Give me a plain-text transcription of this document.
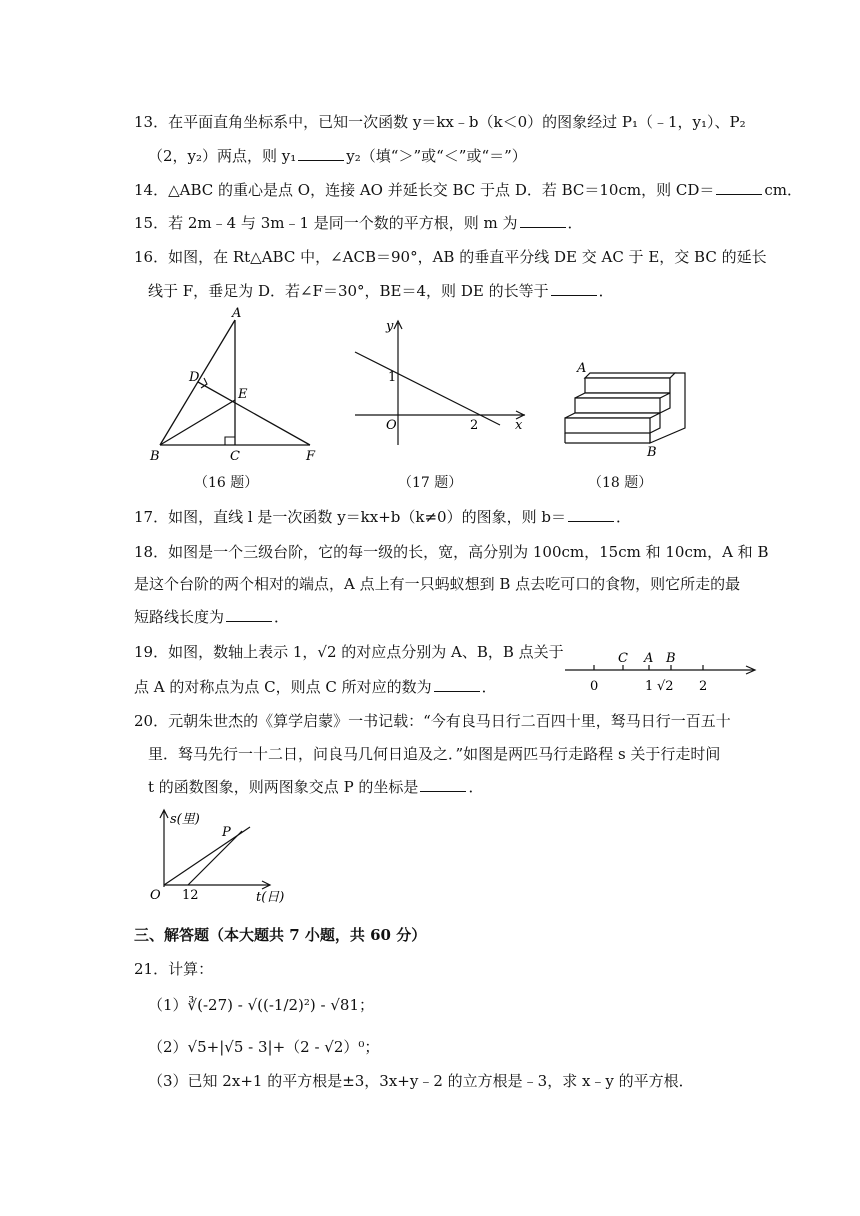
13．在平面直角坐标系中，已知一次函数 y＝kx﹣b（k＜0）的图象经过 P₁（﹣1，y₁）、P₂
（2，y₂）两点，则 y₁	y₂（填“＞”或“＜”或“＝”）
14．△ABC 的重心是点 O，连接 AO 并延长交 BC 于点 D．若 BC＝10cm，则 CD＝	cm．
15．若 2m﹣4 与 3m﹣1 是同一个数的平方根，则 m 为	．
16．如图，在 Rt△ABC 中，∠ACB＝90°，AB 的垂直平分线 DE 交 AC 于 E，交 BC 的延长
线于 F，垂足为 D．若∠F＝30°，BE＝4，则 DE 的长等于	．
A
D
E
B	C	F
（16 题）
y
x
O
1
2
（17 题）
A
B
（18 题）
17．如图，直线 l 是一次函数 y＝kx+b（k≠0）的图象，则 b＝	．
18．如图是一个三级台阶，它的每一级的长，宽，高分别为 100cm，15cm 和 10cm，A 和 B
是这个台阶的两个相对的端点，A 点上有一只蚂蚁想到 B 点去吃可口的食物，则它所走的最
短路线长度为	．
19．如图，数轴上表示 1，√2 的对应点分别为 A、B，B 点关于
点 A 的对称点为点 C，则点 C 所对应的数为	．
C A B
0	1 √2 2
20．元朝朱世杰的《算学启蒙》一书记载：“今有良马日行二百四十里，驽马日行一百五十
里．驽马先行一十二日，问良马几何日追及之．”如图是两匹马行走路程 s 关于行走时间
t 的函数图象，则两图象交点 P 的坐标是	．
s(里)
P
O 12	t(日)
三、解答题（本大题共 7 小题，共 60 分）
21．计算：
（1）∛(-27) - √((-1/2)²) - √81；
（2）√5+|√5 - 3|+（2 - √2）⁰；
（3）已知 2x+1 的平方根是±3，3x+y﹣2 的立方根是﹣3，求 x﹣y 的平方根．
